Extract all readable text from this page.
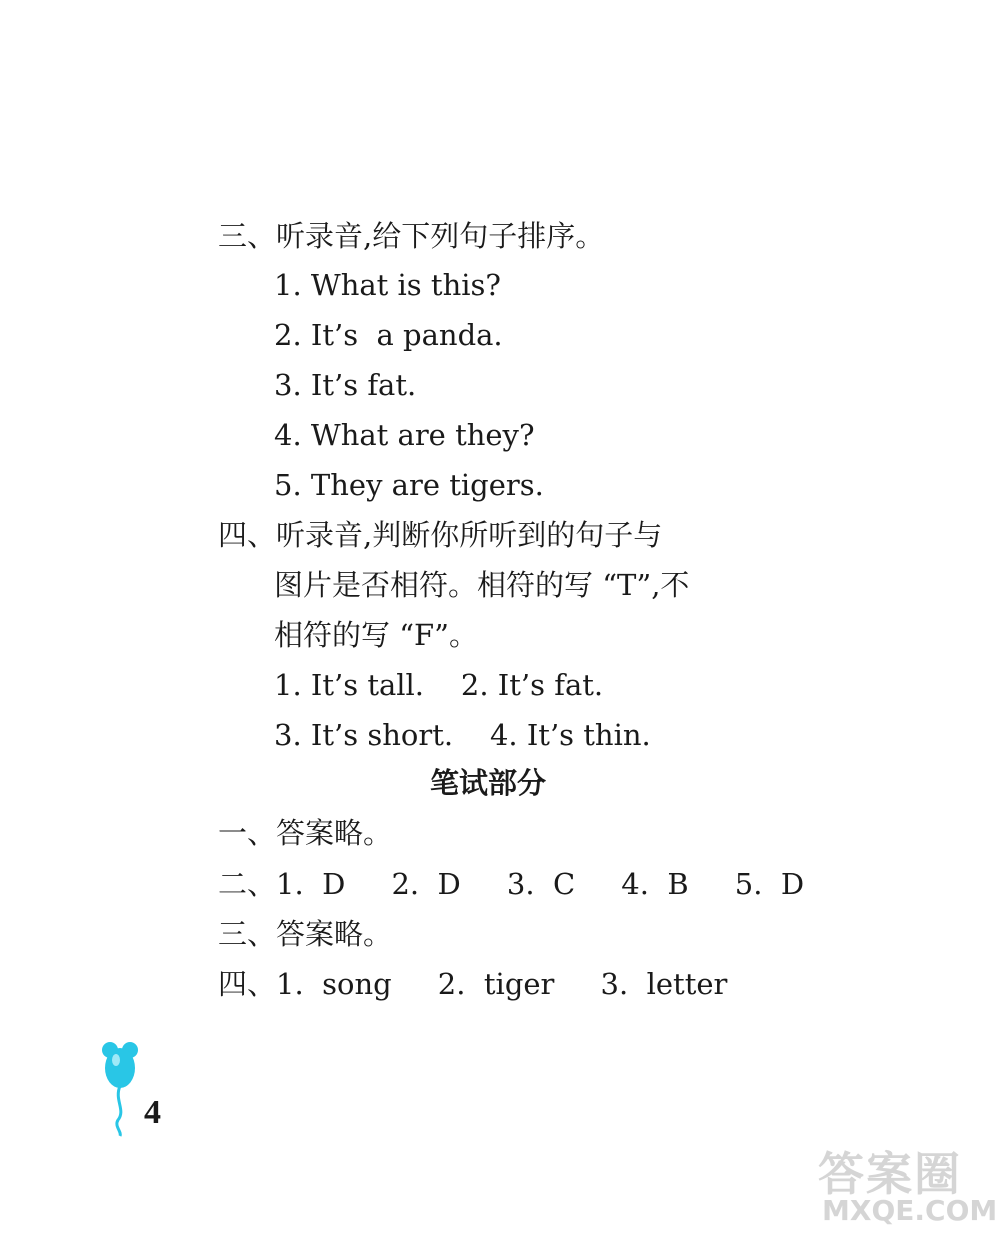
三、听录音,给下列句子排序。
1. What is this?
2. It’s  a panda.
3. It’s fat.
4. What are they?
5. They are tigers.
四、听录音,判断你所听到的句子与
图片是否相符。相符的写 “T”,不
相符的写 “F”。
1. It’s tall.    2. It’s fat.
3. It’s short.    4. It’s thin.
笔试部分
一、答案略。
二、1.  D     2.  D     3.  C     4.  B     5.  D
三、答案略。
四、1.  song     2.  tiger     3.  letter
4
答案圈
MXQE.COM
